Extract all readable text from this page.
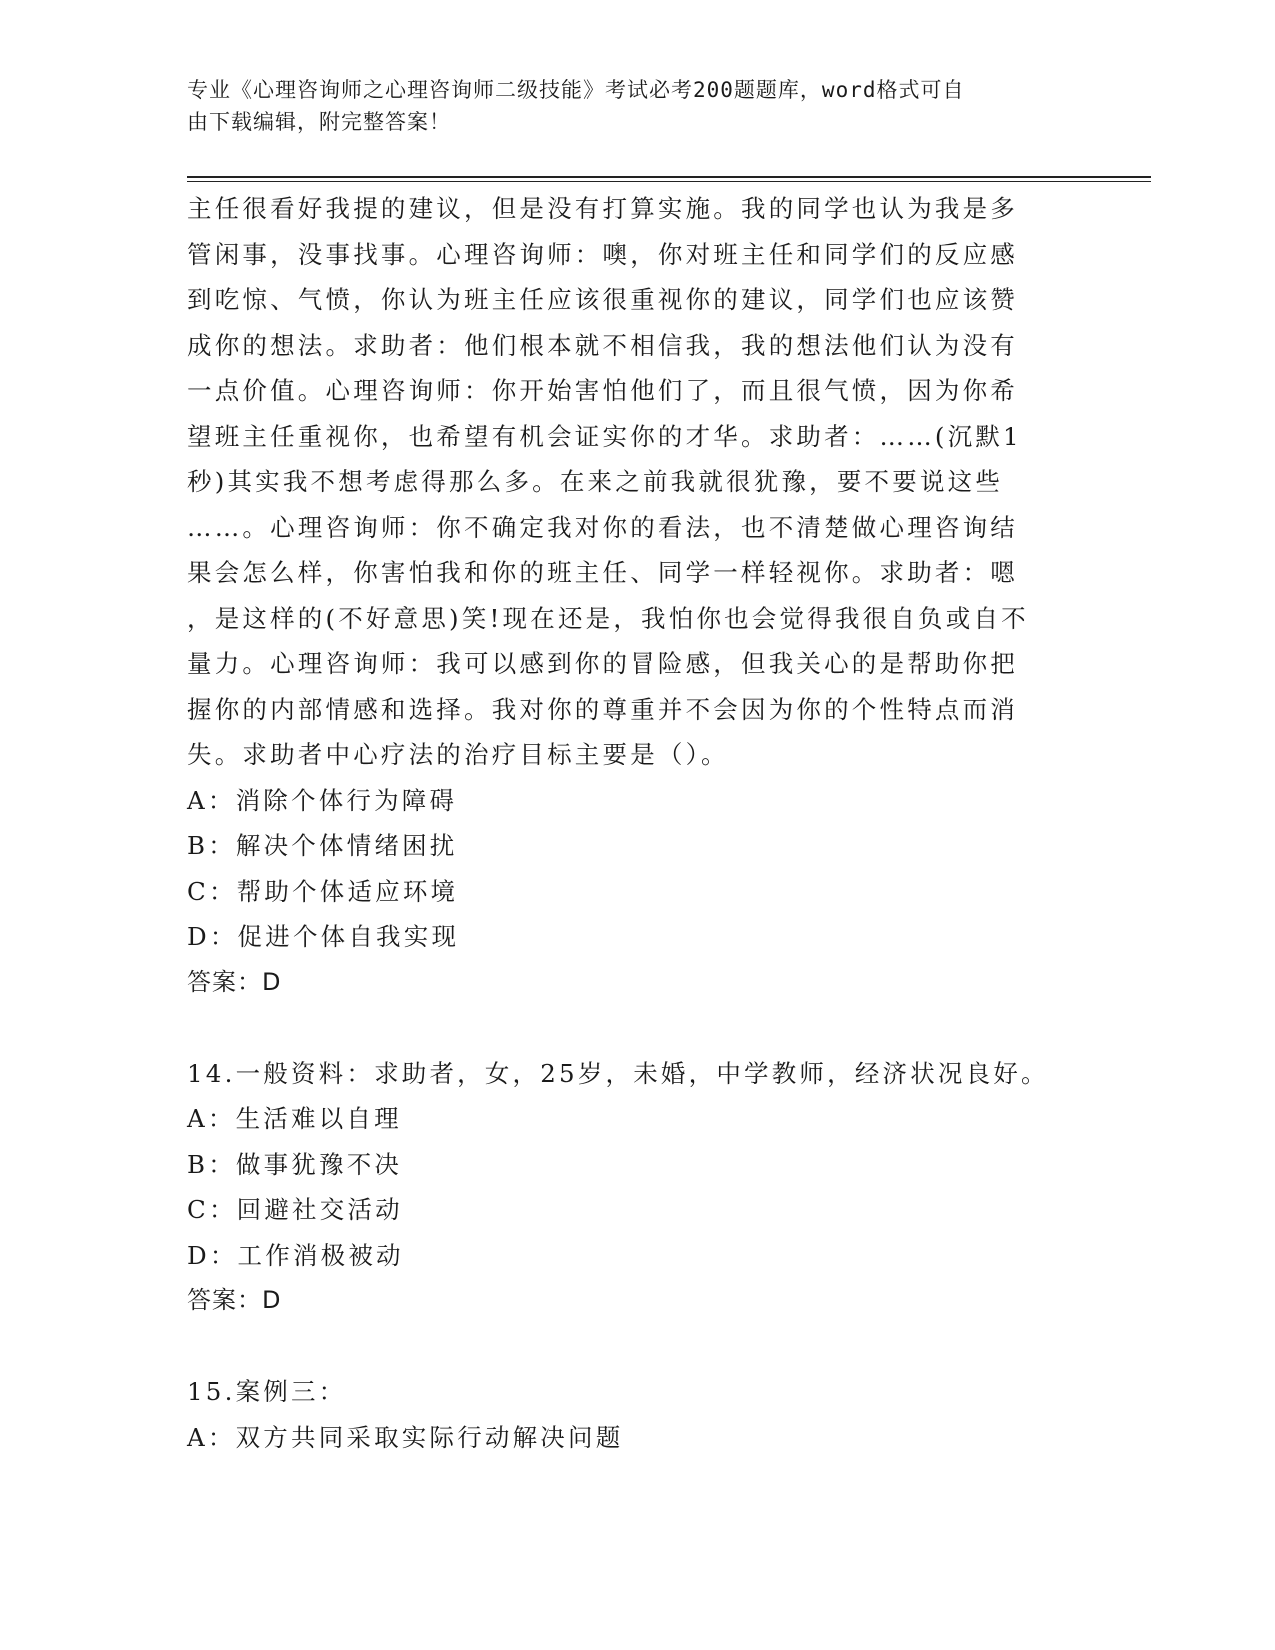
专业《心理咨询师之心理咨询师二级技能》考试必考200题题库，word格式可自
由下载编辑，附完整答案！
主任很看好我提的建议，但是没有打算实施。我的同学也认为我是多
管闲事，没事找事。心理咨询师：噢，你对班主任和同学们的反应感
到吃惊、气愤，你认为班主任应该很重视你的建议，同学们也应该赞
成你的想法。求助者：他们根本就不相信我，我的想法他们认为没有
一点价值。心理咨询师：你开始害怕他们了，而且很气愤，因为你希
望班主任重视你，也希望有机会证实你的才华。求助者：……(沉默1
秒)其实我不想考虑得那么多。在来之前我就很犹豫，要不要说这些
……。心理咨询师：你不确定我对你的看法，也不清楚做心理咨询结
果会怎么样，你害怕我和你的班主任、同学一样轻视你。求助者：嗯
，是这样的(不好意思)笑!现在还是，我怕你也会觉得我很自负或自不
量力。心理咨询师：我可以感到你的冒险感，但我关心的是帮助你把
握你的内部情感和选择。我对你的尊重并不会因为你的个性特点而消
失。求助者中心疗法的治疗目标主要是（）。
A：消除个体行为障碍
B：解决个体情绪困扰
C：帮助个体适应环境
D：促进个体自我实现
答案：D
14.一般资料：求助者，女，25岁，未婚，中学教师，经济状况良好。
A：生活难以自理
B：做事犹豫不决
C：回避社交活动
D：工作消极被动
答案：D
15.案例三：
A：双方共同采取实际行动解决问题
